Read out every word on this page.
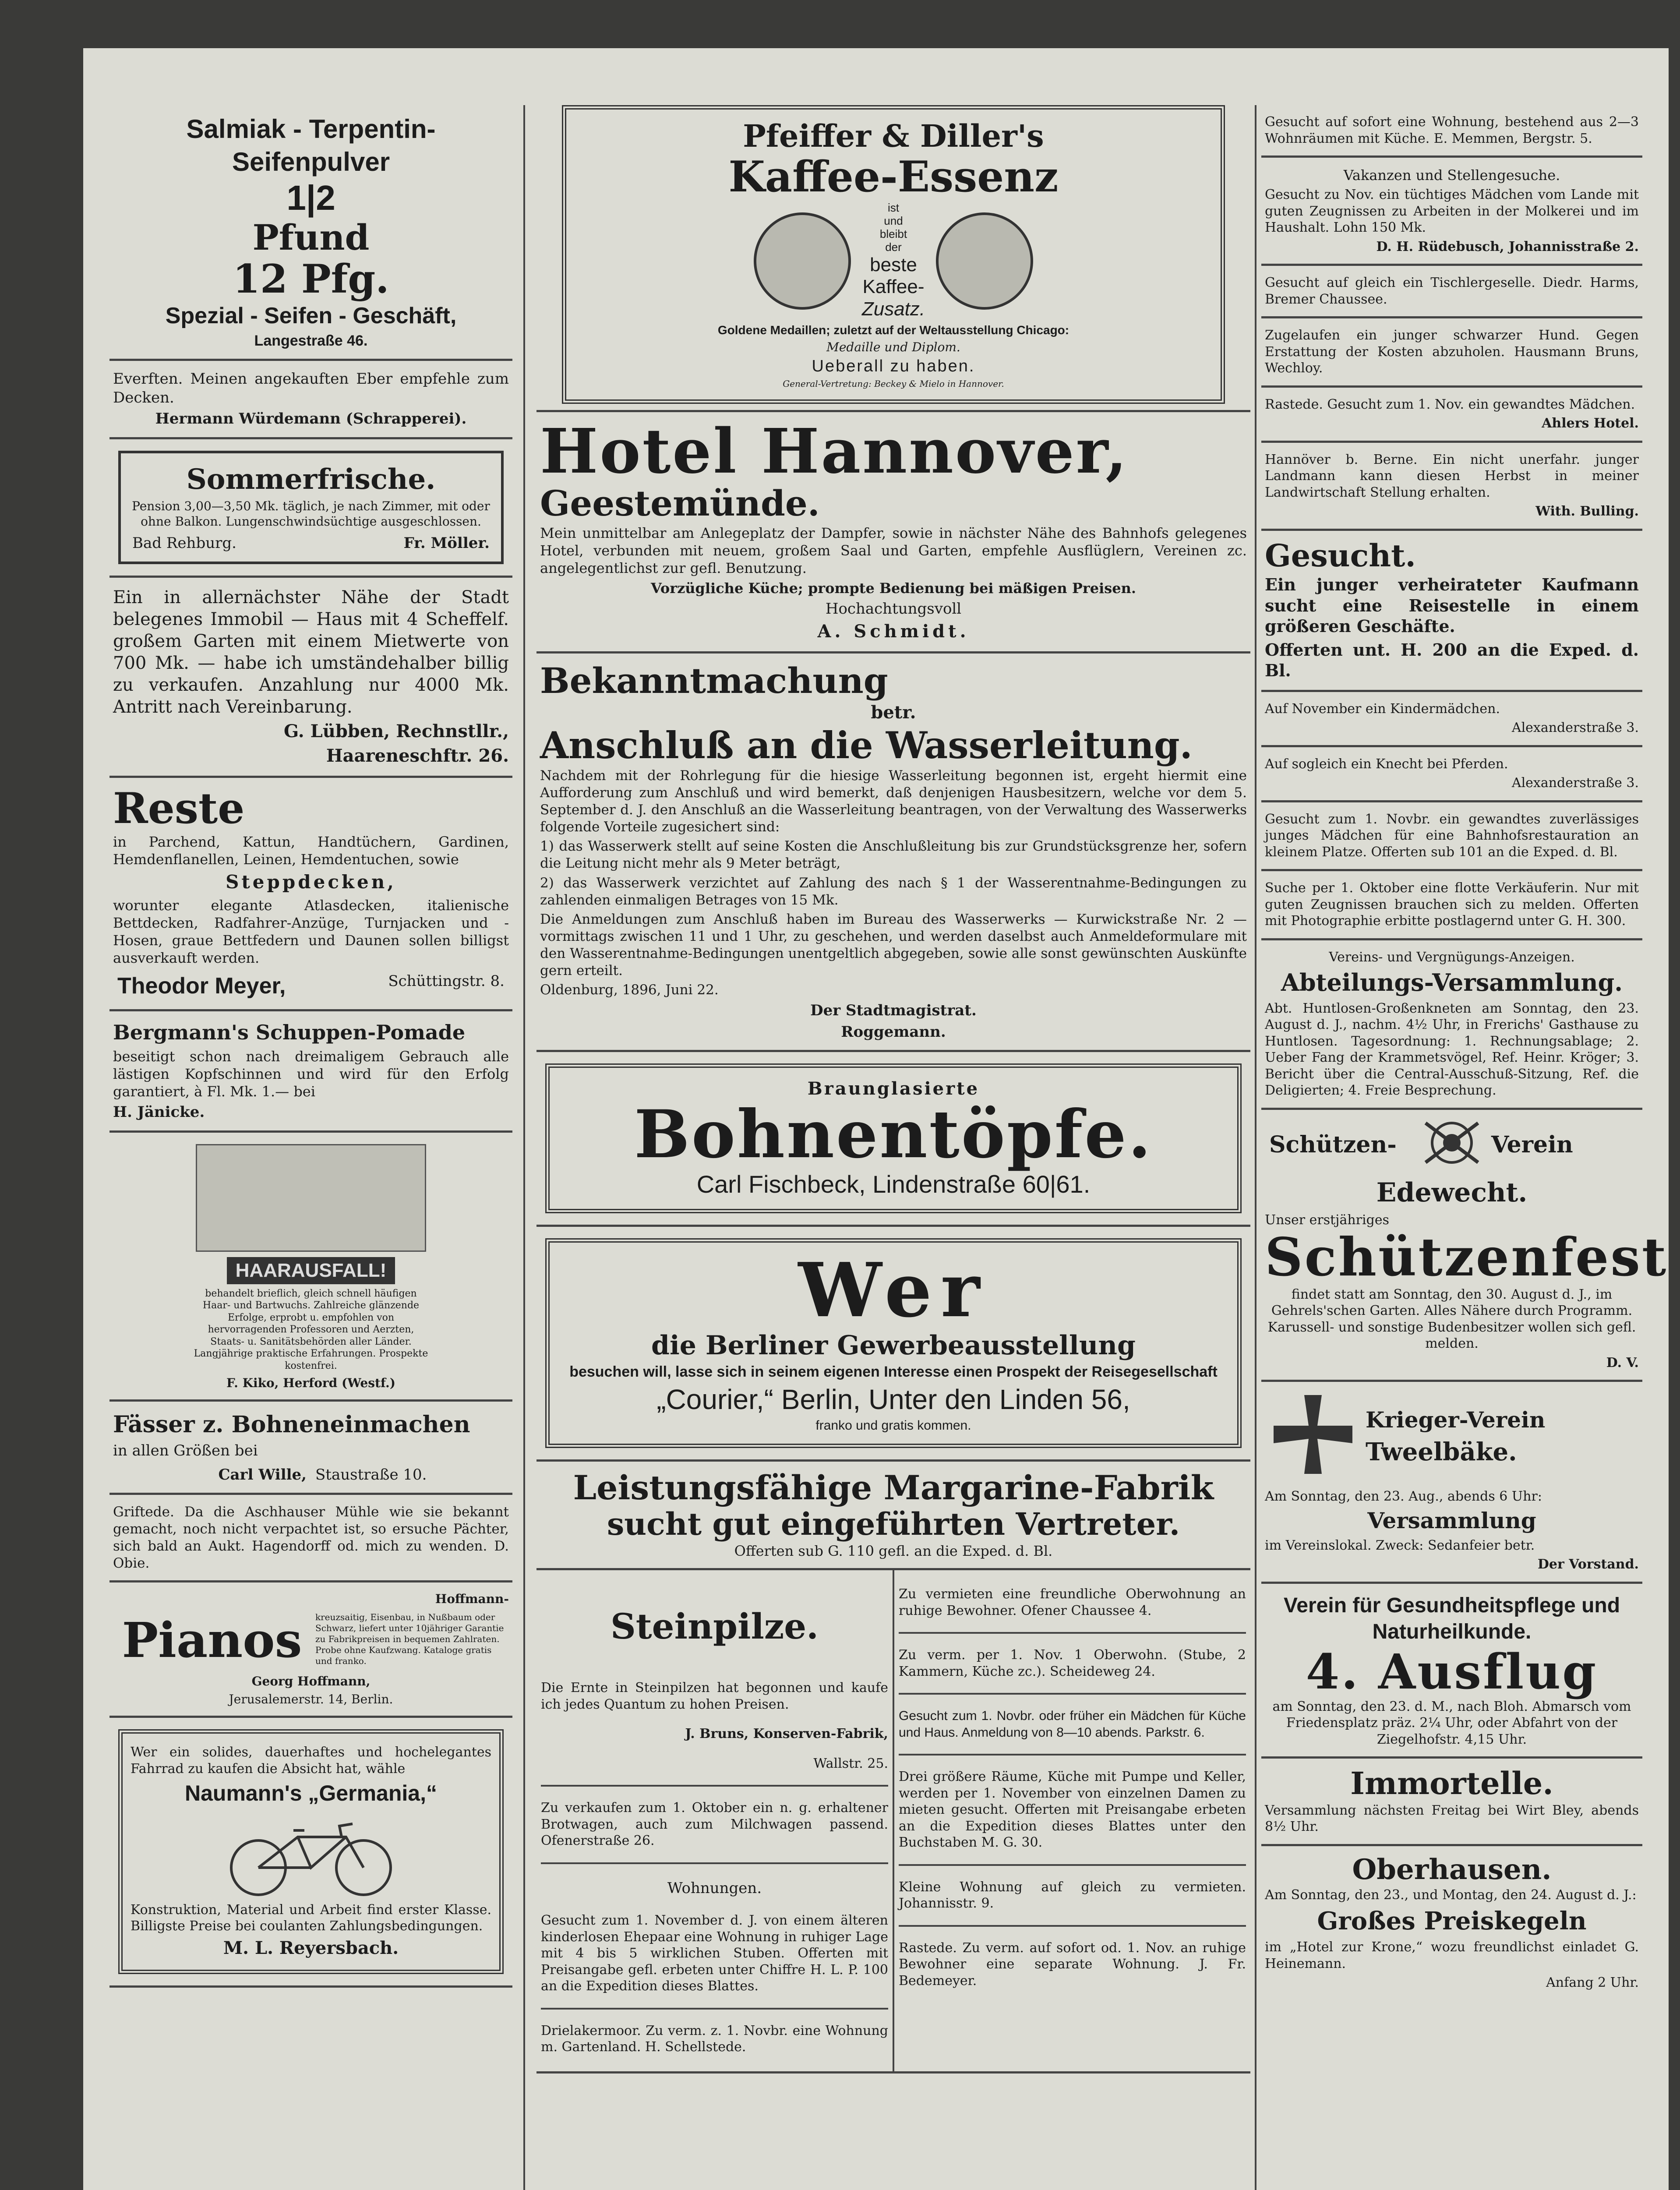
Salmiak - Terpentin-

Seifenpulver

1|2

Pfund

12 Pfg.

Spezial - Seifen - Geschäft,

Langestraße 46.

Everften. Meinen angekauften Eber empfehle zum Decken.

Hermann Würdemann (Schrapperei).

Sommerfrische.

Pension 3,00—3,50 Mk. täglich, je nach Zimmer, mit oder ohne Balkon. Lungenschwindsüchtige ausgeschlossen.

Bad Rehburg.	Fr. Möller.

Ein in allernächster Nähe der Stadt belegenes Immobil — Haus mit 4 Scheffelf. großem Garten mit einem Mietwerte von 700 Mk. — habe ich umständehalber billig zu verkaufen. Anzahlung nur 4000 Mk. Antritt nach Vereinbarung.

G. Lübben, Rechnstllr.,

Haareneschftr. 26.

Reste

in Parchend, Kattun, Handtüchern, Gardinen, Hemdenflanellen, Leinen, Hemdentuchen, sowie

Steppdecken,

worunter elegante Atlasdecken, italienische Bettdecken, Radfahrer-Anzüge, Turnjacken und -Hosen, graue Bettfedern und Daunen sollen billigst ausverkauft werden.

Theodor Meyer,	Schüttingstr. 8.

Bergmann's Schuppen-Pomade

beseitigt schon nach dreimaligem Gebrauch alle lästigen Kopfschinnen und wird für den Erfolg garantiert, à Fl. Mk. 1.— bei

H. Jänicke.

HAARAUSFALL!

behandelt brieflich, gleich schnell häufigen Haar- und Bartwuchs. Zahlreiche glänzende Erfolge, erprobt u. empfohlen von hervorragenden Professoren und Aerzten, Staats- u. Sanitätsbehörden aller Länder. Langjährige praktische Erfahrungen. Prospekte kostenfrei.

F. Kiko, Herford (Westf.)

Fässer z. Bohneneinmachen

in allen Größen bei

Carl Wille, Staustraße 10.

Griftede. Da die Aschhauser Mühle wie sie bekannt gemacht, noch nicht verpachtet ist, so ersuche Pächter, sich bald an Aukt. Hagendorff od. mich zu wenden. D. Obie.

Hoffmann-

Pianos	kreuzsaitig, Eisenbau, in Nußbaum oder Schwarz, liefert unter 10jähriger Garantie zu Fabrikpreisen in bequemen Zahlraten. Probe ohne Kaufzwang. Kataloge gratis und franko.

Georg Hoffmann,

Jerusalemerstr. 14, Berlin.

Wer ein solides, dauerhaftes und hochelegantes Fahrrad zu kaufen die Absicht hat, wähle

Naumann's „Germania,“

Konstruktion, Material und Arbeit find erster Klasse. Billigste Preise bei coulanten Zahlungsbedingungen.

M. L. Reyersbach.

Pfeiffer & Diller's

Kaffee-Essenz

ist
und
bleibt
der
beste
Kaffee-
Zusatz.

Goldene Medaillen; zuletzt auf der Weltausstellung Chicago:

Medaille und Diplom.

Ueberall zu haben.

General-Vertretung: Beckey & Mielo in Hannover.

Hotel Hannover,

Geestemünde.

Mein unmittelbar am Anlegeplatz der Dampfer, sowie in nächster Nähe des Bahnhofs gelegenes Hotel, verbunden mit neuem, großem Saal und Garten, empfehle Ausflüglern, Vereinen zc. angelegentlichst zur gefl. Benutzung.

Vorzügliche Küche; prompte Bedienung bei mäßigen Preisen.

Hochachtungsvoll

A. Schmidt.

Bekanntmachung

betr.

Anschluß an die Wasserleitung.

Nachdem mit der Rohrlegung für die hiesige Wasserleitung begonnen ist, ergeht hiermit eine Aufforderung zum Anschluß und wird bemerkt, daß denjenigen Hausbesitzern, welche vor dem 5. September d. J. den Anschluß an die Wasserleitung beantragen, von der Verwaltung des Wasserwerks folgende Vorteile zugesichert sind:

1) das Wasserwerk stellt auf seine Kosten die Anschlußleitung bis zur Grundstücksgrenze her, sofern die Leitung nicht mehr als 9 Meter beträgt,

2) das Wasserwerk verzichtet auf Zahlung des nach § 1 der Wasserentnahme-Bedingungen zu zahlenden einmaligen Betrages von 15 Mk.

Die Anmeldungen zum Anschluß haben im Bureau des Wasserwerks — Kurwickstraße Nr. 2 — vormittags zwischen 11 und 1 Uhr, zu geschehen, und werden daselbst auch Anmeldeformulare mit den Wasserentnahme-Bedingungen unentgeltlich abgegeben, sowie alle sonst gewünschten Auskünfte gern erteilt.

Oldenburg, 1896, Juni 22.

Der Stadtmagistrat.

Roggemann.

Braunglasierte

Bohnentöpfe.

Carl Fischbeck, Lindenstraße 60|61.

Wer

die Berliner Gewerbeausstellung

besuchen will, lasse sich in seinem eigenen Interesse einen Prospekt der Reisegesellschaft

„Courier,“ Berlin, Unter den Linden 56,

franko und gratis kommen.

Leistungsfähige Margarine-Fabrik

sucht gut eingeführten Vertreter.

Offerten sub G. 110 gefl. an die Exped. d. Bl.

Steinpilze.

Die Ernte in Steinpilzen hat begonnen und kaufe ich jedes Quantum zu hohen Preisen.

J. Bruns, Konserven-Fabrik,

Wallstr. 25.

Zu verkaufen zum 1. Oktober ein n. g. erhaltener Brotwagen, auch zum Milchwagen passend. Ofenerstraße 26.

Wohnungen.

Gesucht zum 1. November d. J. von einem älteren kinderlosen Ehepaar eine Wohnung in ruhiger Lage mit 4 bis 5 wirklichen Stuben. Offerten mit Preisangabe gefl. erbeten unter Chiffre H. L. P. 100 an die Expedition dieses Blattes.

Drielakermoor. Zu verm. z. 1. Novbr. eine Wohnung m. Gartenland. H. Schellstede.

Zu vermieten eine freundliche Oberwohnung an ruhige Bewohner. Ofener Chaussee 4.

Zu verm. per 1. Nov. 1 Oberwohn. (Stube, 2 Kammern, Küche zc.). Scheideweg 24.

Gesucht zum 1. Novbr. oder früher ein Mädchen für Küche und Haus. Anmeldung von 8—10 abends. Parkstr. 6.

Drei größere Räume, Küche mit Pumpe und Keller, werden per 1. November von einzelnen Damen zu mieten gesucht. Offerten mit Preisangabe erbeten an die Expedition dieses Blattes unter den Buchstaben M. G. 30.

Kleine Wohnung auf gleich zu vermieten. Johannisstr. 9.

Rastede. Zu verm. auf sofort od. 1. Nov. an ruhige Bewohner eine separate Wohnung. J. Fr. Bedemeyer.

Gesucht auf sofort eine Wohnung, bestehend aus 2—3 Wohnräumen mit Küche. E. Memmen, Bergstr. 5.

Vakanzen und Stellengesuche.

Gesucht zu Nov. ein tüchtiges Mädchen vom Lande mit guten Zeugnissen zu Arbeiten in der Molkerei und im Haushalt. Lohn 150 Mk.

D. H. Rüdebusch, Johannisstraße 2.

Gesucht auf gleich ein Tischlergeselle. Diedr. Harms, Bremer Chaussee.

Zugelaufen ein junger schwarzer Hund. Gegen Erstattung der Kosten abzuholen. Hausmann Bruns, Wechloy.

Rastede. Gesucht zum 1. Nov. ein gewandtes Mädchen.

Ahlers Hotel.

Hannöver b. Berne. Ein nicht unerfahr. junger Landmann kann diesen Herbst in meiner Landwirtschaft Stellung erhalten.

With. Bulling.

Gesucht.

Ein junger verheirateter Kaufmann sucht eine Reisestelle in einem größeren Geschäfte.

Offerten unt. H. 200 an die Exped. d. Bl.

Auf November ein Kindermädchen.

Alexanderstraße 3.

Auf sogleich ein Knecht bei Pferden.

Alexanderstraße 3.

Gesucht zum 1. Novbr. ein gewandtes zuverlässiges junges Mädchen für eine Bahnhofsrestauration an kleinem Platze. Offerten sub 101 an die Exped. d. Bl.

Suche per 1. Oktober eine flotte Verkäuferin. Nur mit guten Zeugnissen brauchen sich zu melden. Offerten mit Photographie erbitte postlagernd unter G. H. 300.

Vereins- und Vergnügungs-Anzeigen.

Abteilungs-Versammlung.

Abt. Huntlosen-Großenkneten am Sonntag, den 23. August d. J., nachm. 4½ Uhr, in Frerichs' Gasthause zu Huntlosen. Tagesordnung: 1. Rechnungsablage; 2. Ueber Fang der Krammetsvögel, Ref. Heinr. Kröger; 3. Bericht über die Central-Ausschuß-Sitzung, Ref. die Deligierten; 4. Freie Besprechung.

Schützen-	Verein

Edewecht.

Unser erstjähriges

Schützenfest

findet statt am Sonntag, den 30. August d. J., im Gehrels'schen Garten. Alles Nähere durch Programm. Karussell- und sonstige Budenbesitzer wollen sich gefl. melden.

D. V.

Krieger-Verein

Tweelbäke.

Am Sonntag, den 23. Aug., abends 6 Uhr:

Versammlung

im Vereinslokal. Zweck: Sedanfeier betr.

Der Vorstand.

Verein für Gesundheitspflege und Naturheilkunde.

4. Ausflug

am Sonntag, den 23. d. M., nach Bloh. Abmarsch vom Friedensplatz präz. 2¼ Uhr, oder Abfahrt von der Ziegelhofstr. 4,15 Uhr.

Immortelle.

Versammlung nächsten Freitag bei Wirt Bley, abends 8½ Uhr.

Oberhausen.

Am Sonntag, den 23., und Montag, den 24. August d. J.:

Großes Preiskegeln

im „Hotel zur Krone,“ wozu freundlichst einladet G. Heinemann.

Anfang 2 Uhr.
